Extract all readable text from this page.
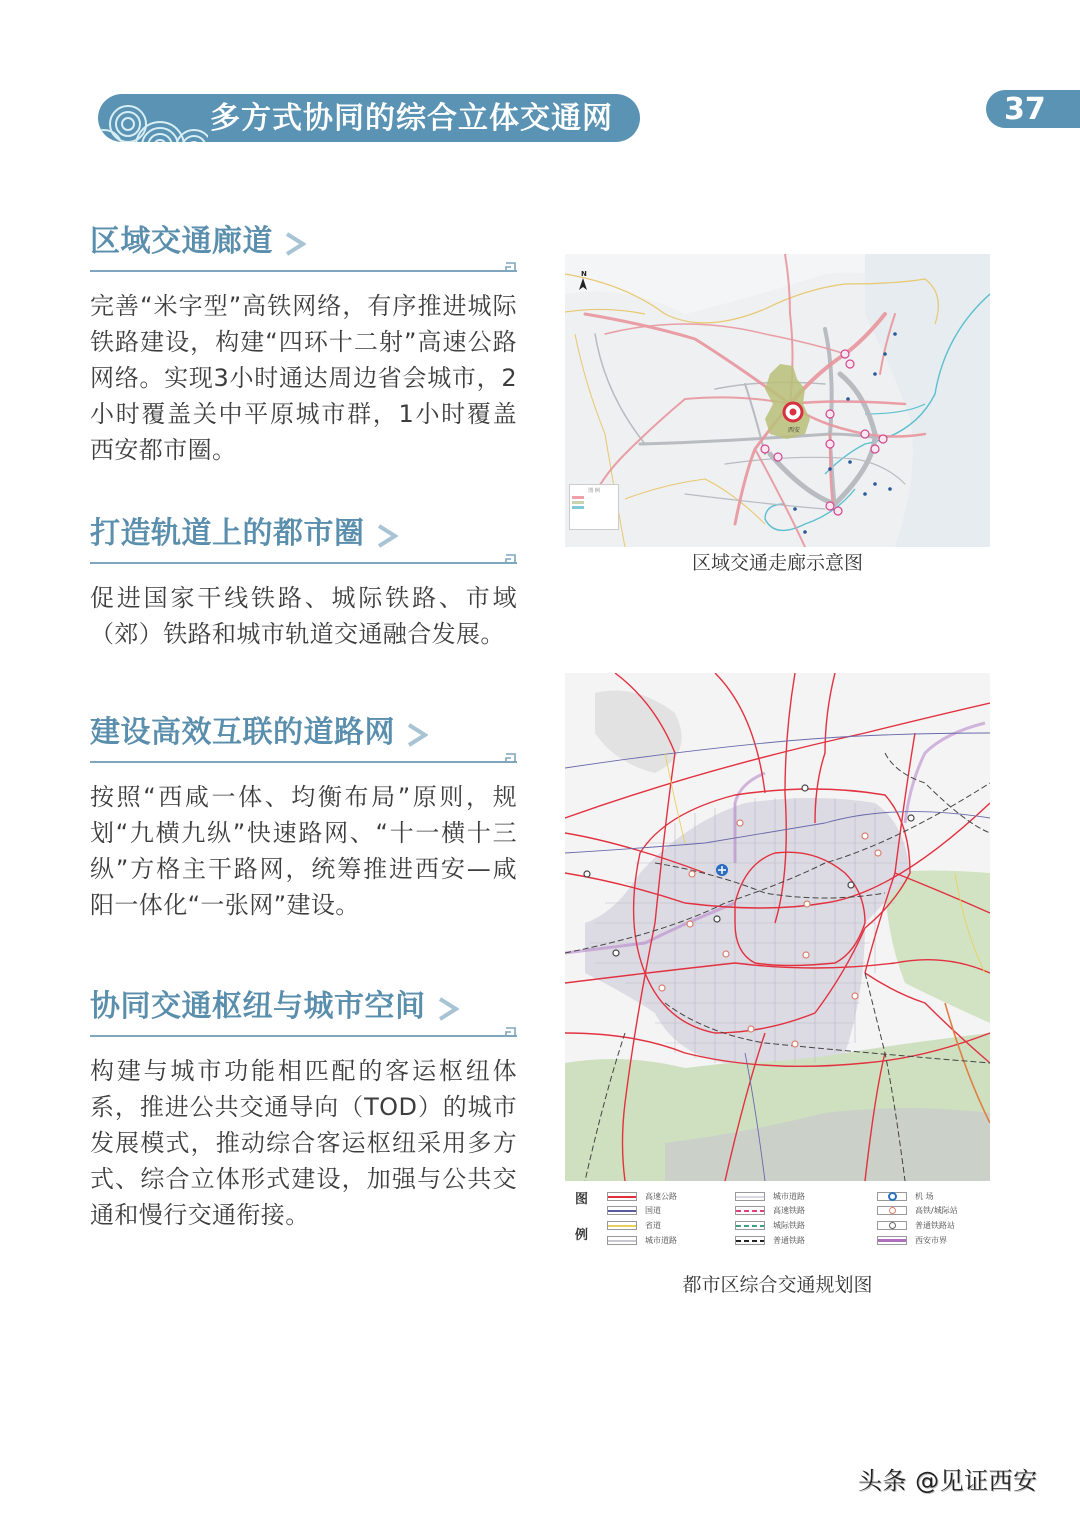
多方式协同的综合立体交通网	37
区域交通廊道
完善“米字型”高铁网络，有序推进城际铁路建设，构建“四环十二射”高速公路网络。实现3小时通达周边省会城市，2小时覆盖关中平原城市群，1小时覆盖西安都市圈。
打造轨道上的都市圈
促进国家干线铁路、城际铁路、市域（郊）铁路和城市轨道交通融合发展。
建设高效互联的道路网
按照“西咸一体、均衡布局”原则，规划“九横九纵”快速路网、“十一横十三纵”方格主干路网，统筹推进西安—咸阳一体化“一张网”建设。
协同交通枢纽与城市空间
构建与城市功能相匹配的客运枢纽体系，推进公共交通导向（TOD）的城市发展模式，推动综合客运枢纽采用多方式、综合立体形式建设，加强与公共交通和慢行交通衔接。
西安
N
图 例
区域交通走廊示意图
图
例
高速公路
国道
省道
城市道路
城市道路
高速铁路
城际铁路
普通铁路
机 场
高铁/城际站
普通铁路站
西安市界
都市区综合交通规划图
头条 @见证西安
